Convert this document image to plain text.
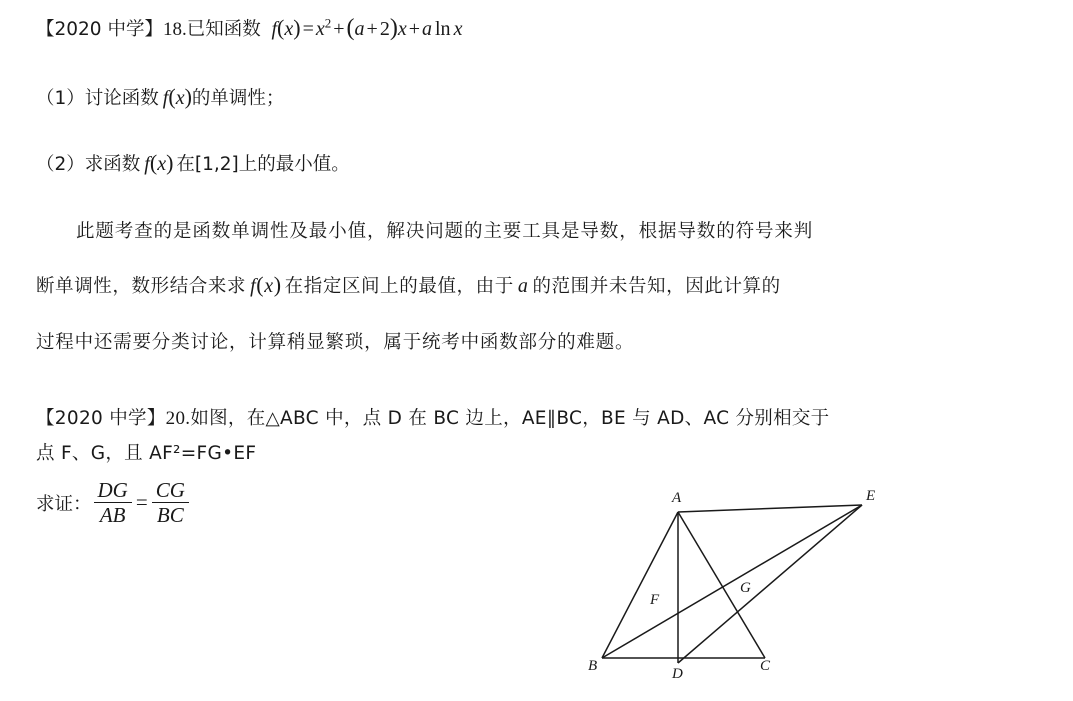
【2020 中学】18.已知函数 $f(x) = x^2 +(a + 2)x + a$ ln x
（1）讨论函数 f(x)的单调性；
（2）求函数 f(x) 在[1,2]上的最小值。
此题考查的是函数单调性及最小值，解决问题的主要工具是导数，根据导数的符号来判
断单调性，数形结合来求 f(x) 在指定区间上的最值，由于 a 的范围并未告知，因此计算的
过程中还需要分类讨论，计算稍显繁琐，属于统考中函数部分的难题。
【2020 中学】20.如图，在△ABC 中，点 D 在 BC 边上，AE∥BC，BE 与 AD、AC 分别相交于
点 F、G，且 AF²=FG•EF
求证： $\frac{DG}{AB} = \frac{CG}{BC}$	A	E
G
F
B	D	C
